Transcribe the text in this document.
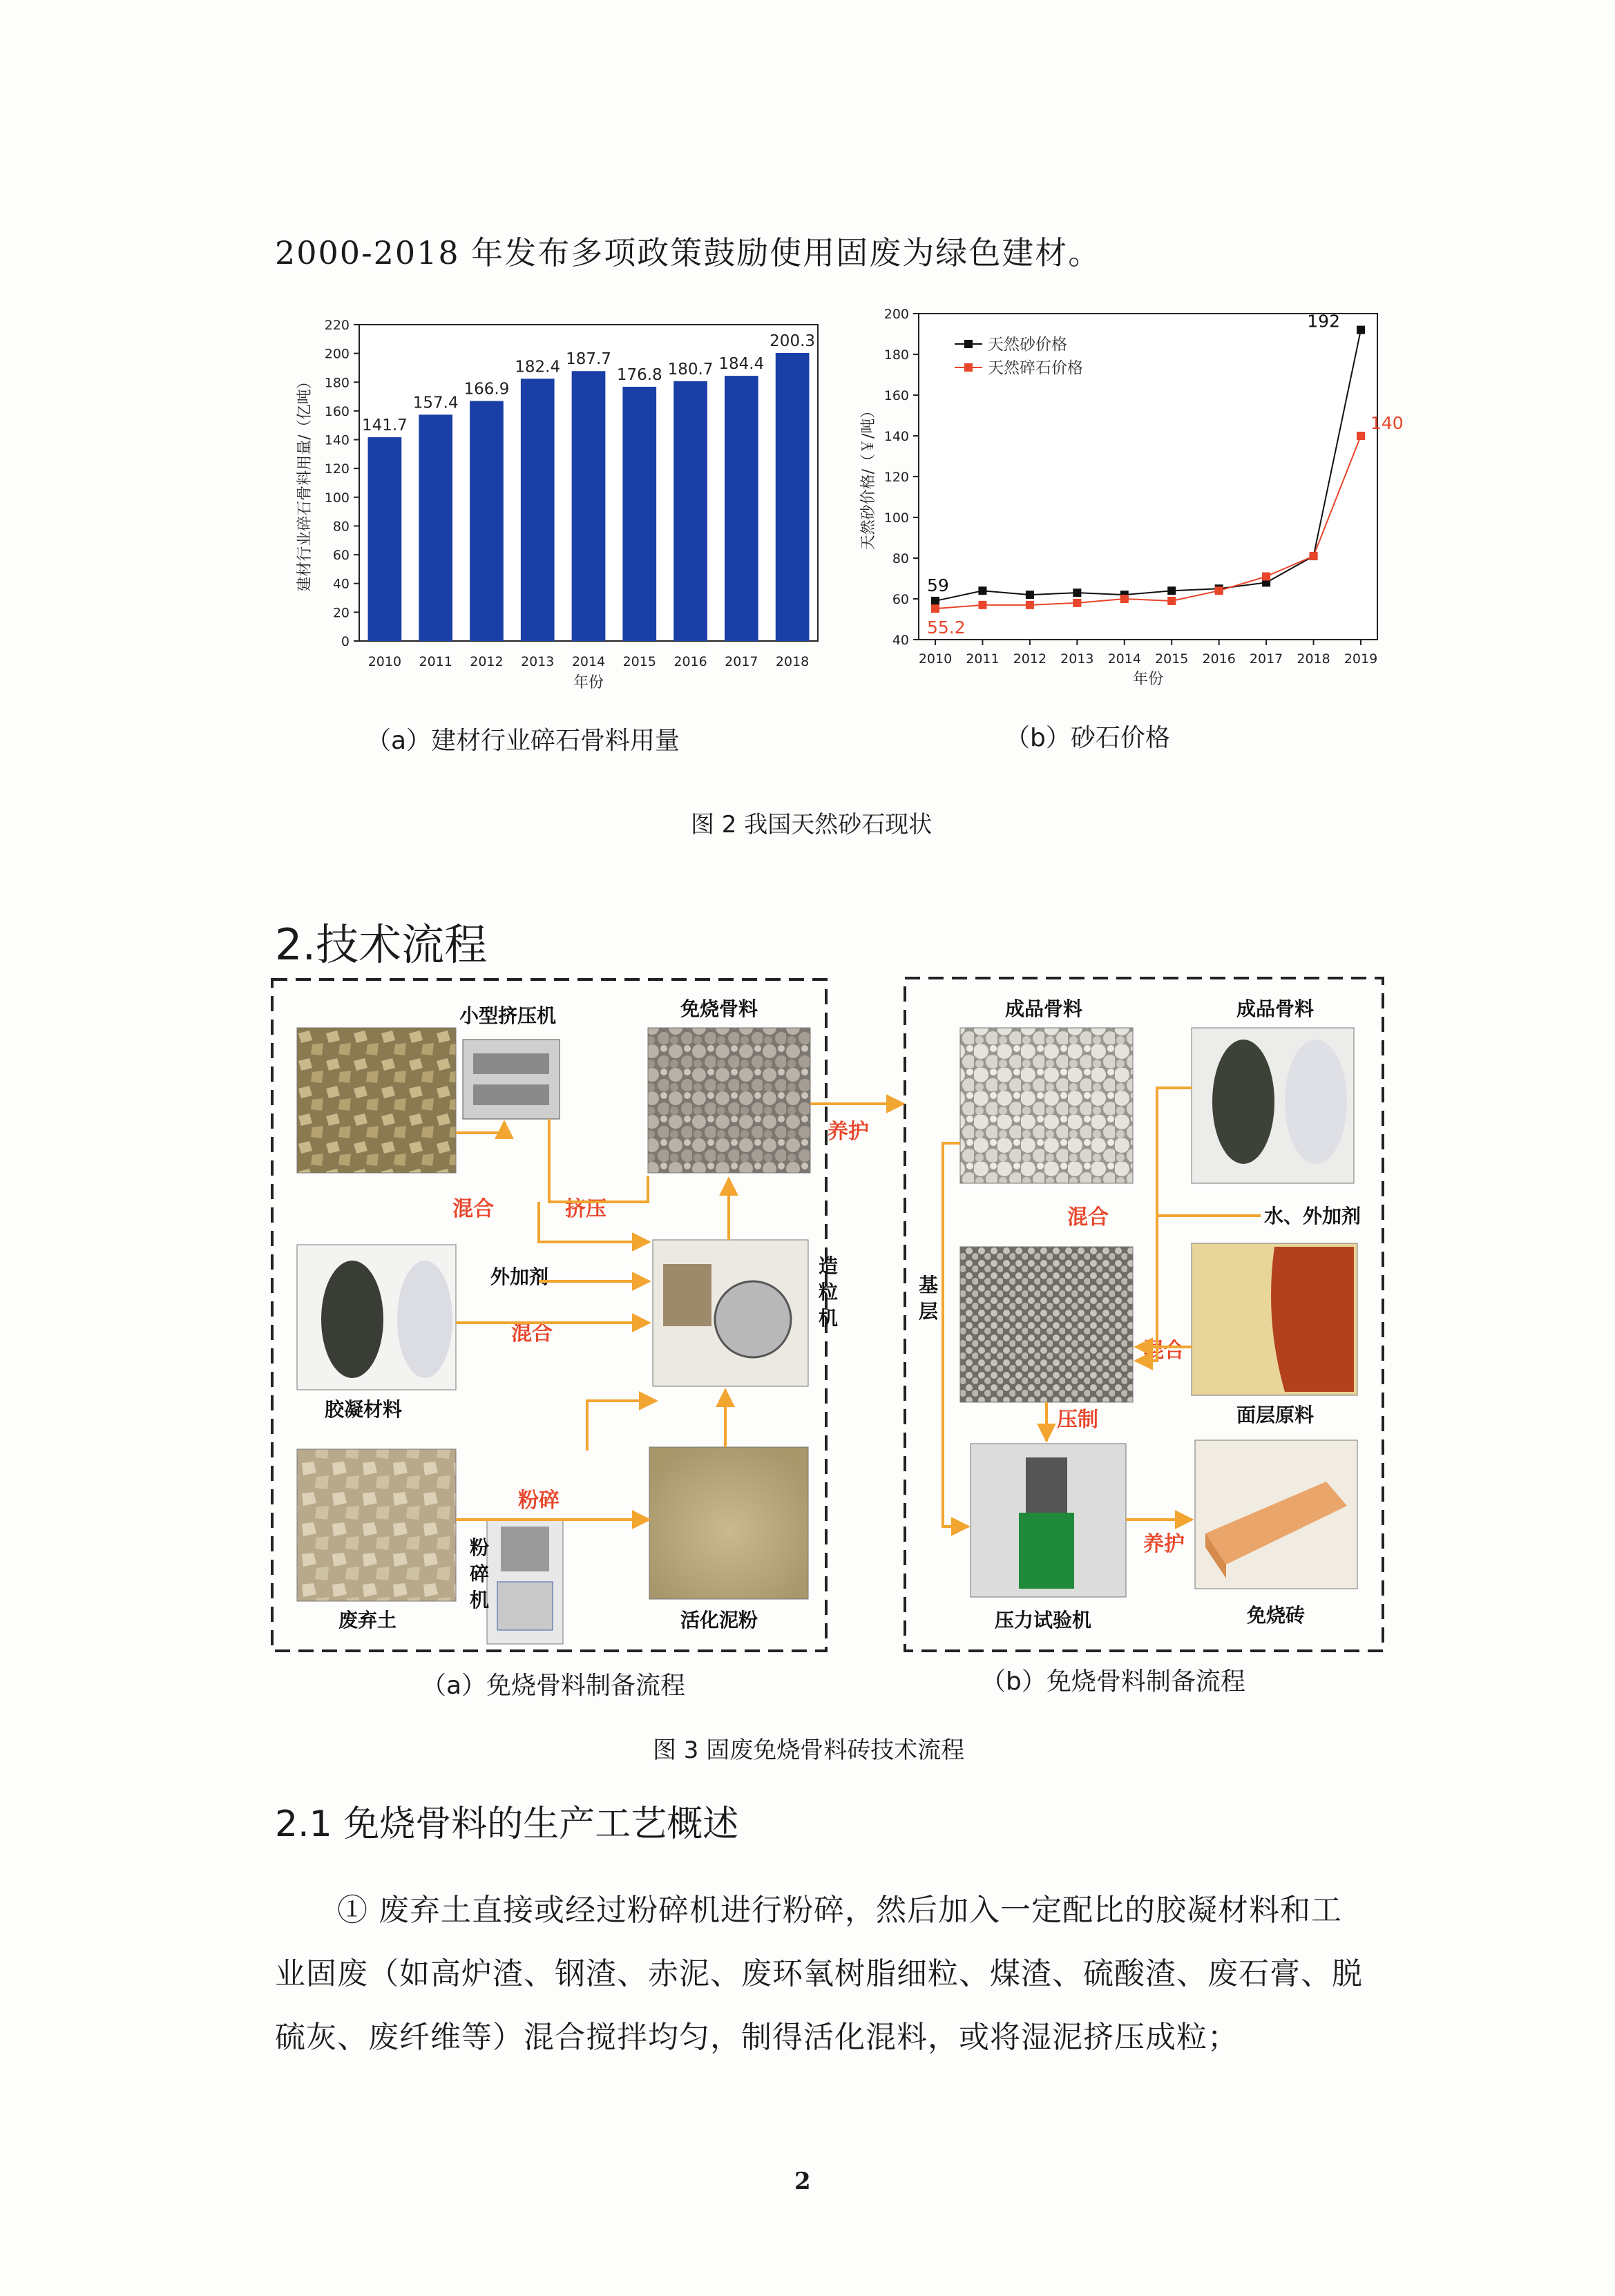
2000-2018 年发布多项政策鼓励使用固废为绿色建材。
0
20
40
60
80
100
120
140
160
180
200
220
2010 2011 2012 2013 2014 2015 2016 2017 2018
141.7
157.4
166.9
182.4 187.7
176.8 180.7 184.4
200.3
年份
建材行业碎石骨料用量/（亿吨）
40
60
80
100
120
140
160
180
200
2010 2011 2012 2013 2014 2015 2016 2017 2018 2019
59
55.2
192
140
天然砂价格
天然碎石价格
年份
天然砂价格/（￥/吨）
（a）建材行业碎石骨料用量	（b）砂石价格
图 2 我国天然砂石现状
2.技术流程
小型挤压机	免烧骨料
混合	挤压
外加剂
混合
胶凝材料
粉碎
废弃土	活化泥粉
造粒机
粉碎机
养护
成品骨料	成品骨料
混合	水、外加剂
混合
压制	面层原料
养护
压力试验机	免烧砖
基层
（a）免烧骨料制备流程	（b）免烧骨料制备流程
图 3 固废免烧骨料砖技术流程
2.1 免烧骨料的生产工艺概述
① 废弃土直接或经过粉碎机进行粉碎，然后加入一定配比的胶凝材料和工
业固废（如高炉渣、钢渣、赤泥、废环氧树脂细粒、煤渣、硫酸渣、废石膏、脱
硫灰、废纤维等）混合搅拌均匀，制得活化混料，或将湿泥挤压成粒；
2
